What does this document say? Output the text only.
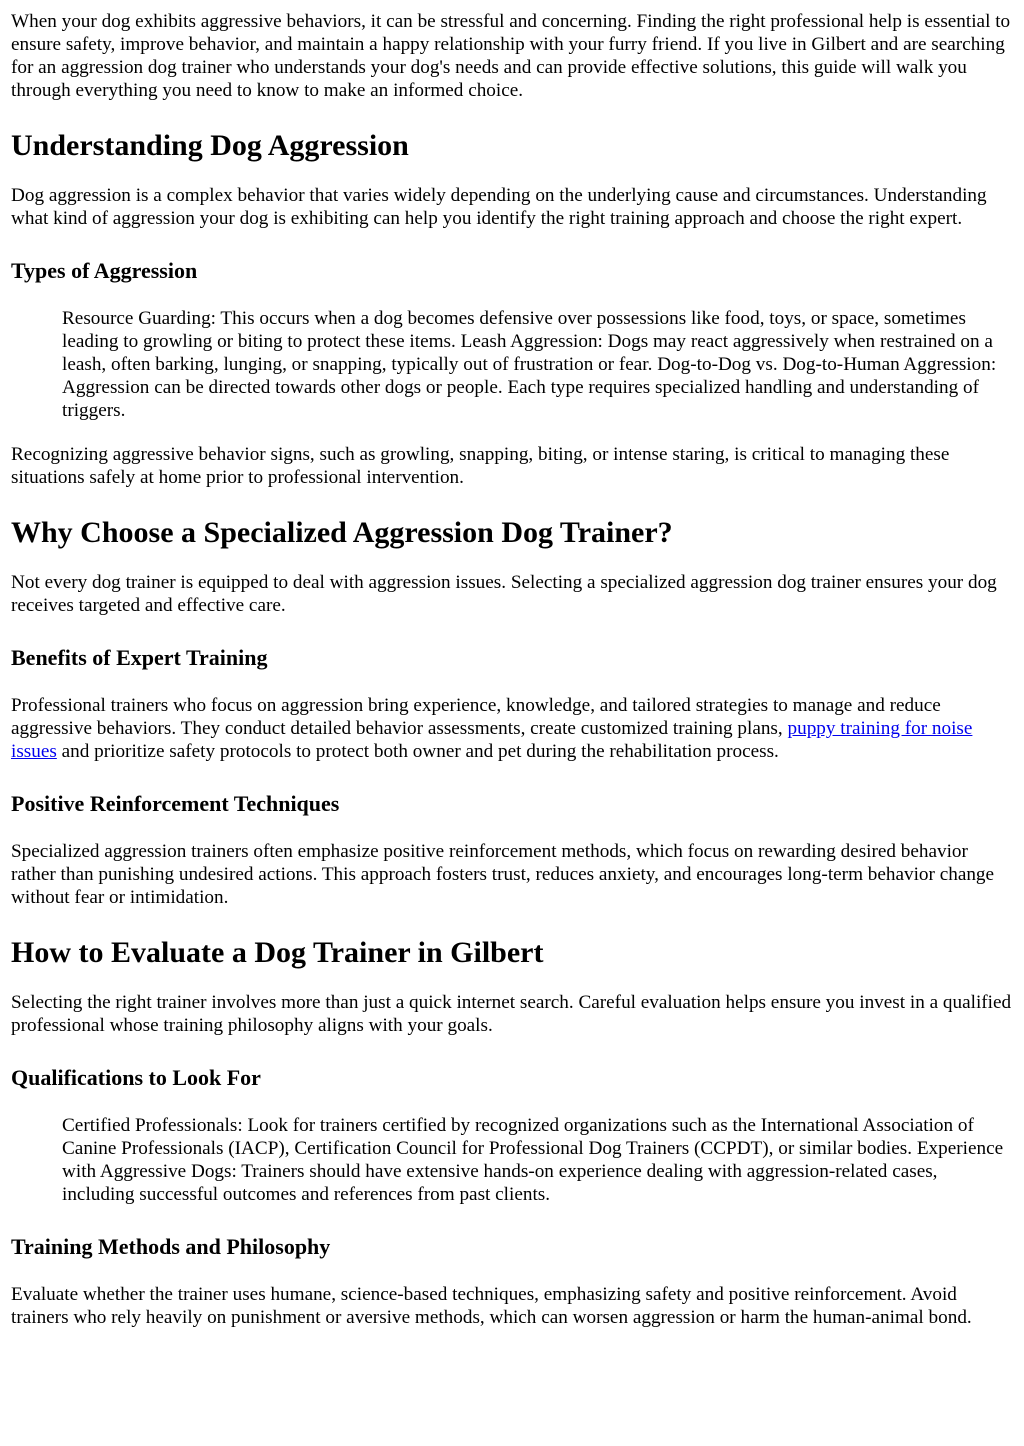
When your dog exhibits aggressive behaviors, it can be stressful and concerning. Finding the right professional help is essential to ensure safety, improve behavior, and maintain a happy relationship with your furry friend. If you live in Gilbert and are searching for an aggression dog trainer who understands your dog's needs and can provide effective solutions, this guide will walk you through everything you need to know to make an informed choice.

Understanding Dog Aggression

Dog aggression is a complex behavior that varies widely depending on the underlying cause and circumstances. Understanding what kind of aggression your dog is exhibiting can help you identify the right training approach and choose the right expert.

Types of Aggression
Resource Guarding: This occurs when a dog becomes defensive over possessions like food, toys, or space, sometimes leading to growling or biting to protect these items. Leash Aggression: Dogs may react aggressively when restrained on a leash, often barking, lunging, or snapping, typically out of frustration or fear. Dog-to-Dog vs. Dog-to-Human Aggression: Aggression can be directed towards other dogs or people. Each type requires specialized handling and understanding of triggers.

Recognizing aggressive behavior signs, such as growling, snapping, biting, or intense staring, is critical to managing these situations safely at home prior to professional intervention.

Why Choose a Specialized Aggression Dog Trainer?

Not every dog trainer is equipped to deal with aggression issues. Selecting a specialized aggression dog trainer ensures your dog receives targeted and effective care.

Benefits of Expert Training

Professional trainers who focus on aggression bring experience, knowledge, and tailored strategies to manage and reduce aggressive behaviors. They conduct detailed behavior assessments, create customized training plans, puppy training for noise issues and prioritize safety protocols to protect both owner and pet during the rehabilitation process.

Positive Reinforcement Techniques

Specialized aggression trainers often emphasize positive reinforcement methods, which focus on rewarding desired behavior rather than punishing undesired actions. This approach fosters trust, reduces anxiety, and encourages long-term behavior change without fear or intimidation.

How to Evaluate a Dog Trainer in Gilbert

Selecting the right trainer involves more than just a quick internet search. Careful evaluation helps ensure you invest in a qualified professional whose training philosophy aligns with your goals.

Qualifications to Look For
Certified Professionals: Look for trainers certified by recognized organizations such as the International Association of Canine Professionals (IACP), Certification Council for Professional Dog Trainers (CCPDT), or similar bodies. Experience with Aggressive Dogs: Trainers should have extensive hands-on experience dealing with aggression-related cases, including successful outcomes and references from past clients.
Training Methods and Philosophy

Evaluate whether the trainer uses humane, science-based techniques, emphasizing safety and positive reinforcement. Avoid trainers who rely heavily on punishment or aversive methods, which can worsen aggression or harm the human-animal bond.
